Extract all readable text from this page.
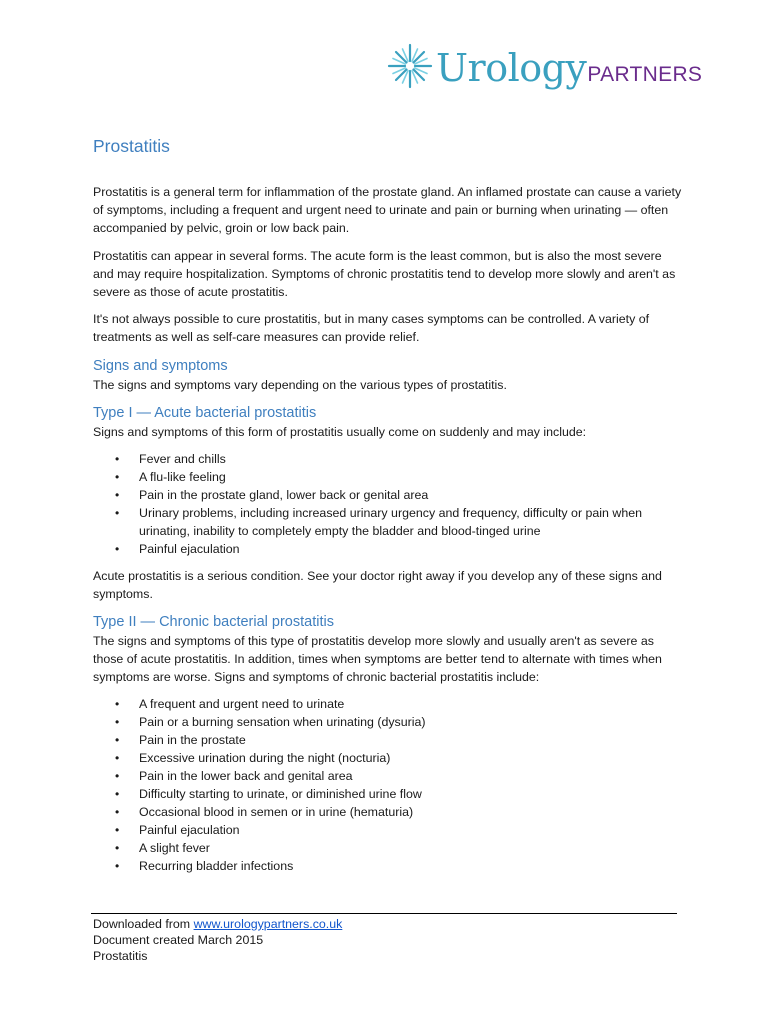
UrologyPARTNERS
Prostatitis

Prostatitis is a general term for inflammation of the prostate gland. An inflamed prostate can cause a variety of symptoms, including a frequent and urgent need to urinate and pain or burning when urinating — often accompanied by pelvic, groin or low back pain.

Prostatitis can appear in several forms. The acute form is the least common, but is also the most severe and may require hospitalization. Symptoms of chronic prostatitis tend to develop more slowly and aren't as severe as those of acute prostatitis.

It's not always possible to cure prostatitis, but in many cases symptoms can be controlled. A variety of treatments as well as self-care measures can provide relief.

Signs and symptoms

The signs and symptoms vary depending on the various types of prostatitis.

Type I — Acute bacterial prostatitis

Signs and symptoms of this form of prostatitis usually come on suddenly and may include:

• Fever and chills
• A flu-like feeling
• Pain in the prostate gland, lower back or genital area
• Urinary problems, including increased urinary urgency and frequency, difficulty or pain when urinating, inability to completely empty the bladder and blood-tinged urine
• Painful ejaculation

Acute prostatitis is a serious condition. See your doctor right away if you develop any of these signs and symptoms.

Type II — Chronic bacterial prostatitis

The signs and symptoms of this type of prostatitis develop more slowly and usually aren't as severe as those of acute prostatitis. In addition, times when symptoms are better tend to alternate with times when symptoms are worse. Signs and symptoms of chronic bacterial prostatitis include:

• A frequent and urgent need to urinate
• Pain or a burning sensation when urinating (dysuria)
• Pain in the prostate
• Excessive urination during the night (nocturia)
• Pain in the lower back and genital area
• Difficulty starting to urinate, or diminished urine flow
• Occasional blood in semen or in urine (hematuria)
• Painful ejaculation
• A slight fever
• Recurring bladder infections
Downloaded from www.urologypartners.co.uk
Document created March 2015
Prostatitis
